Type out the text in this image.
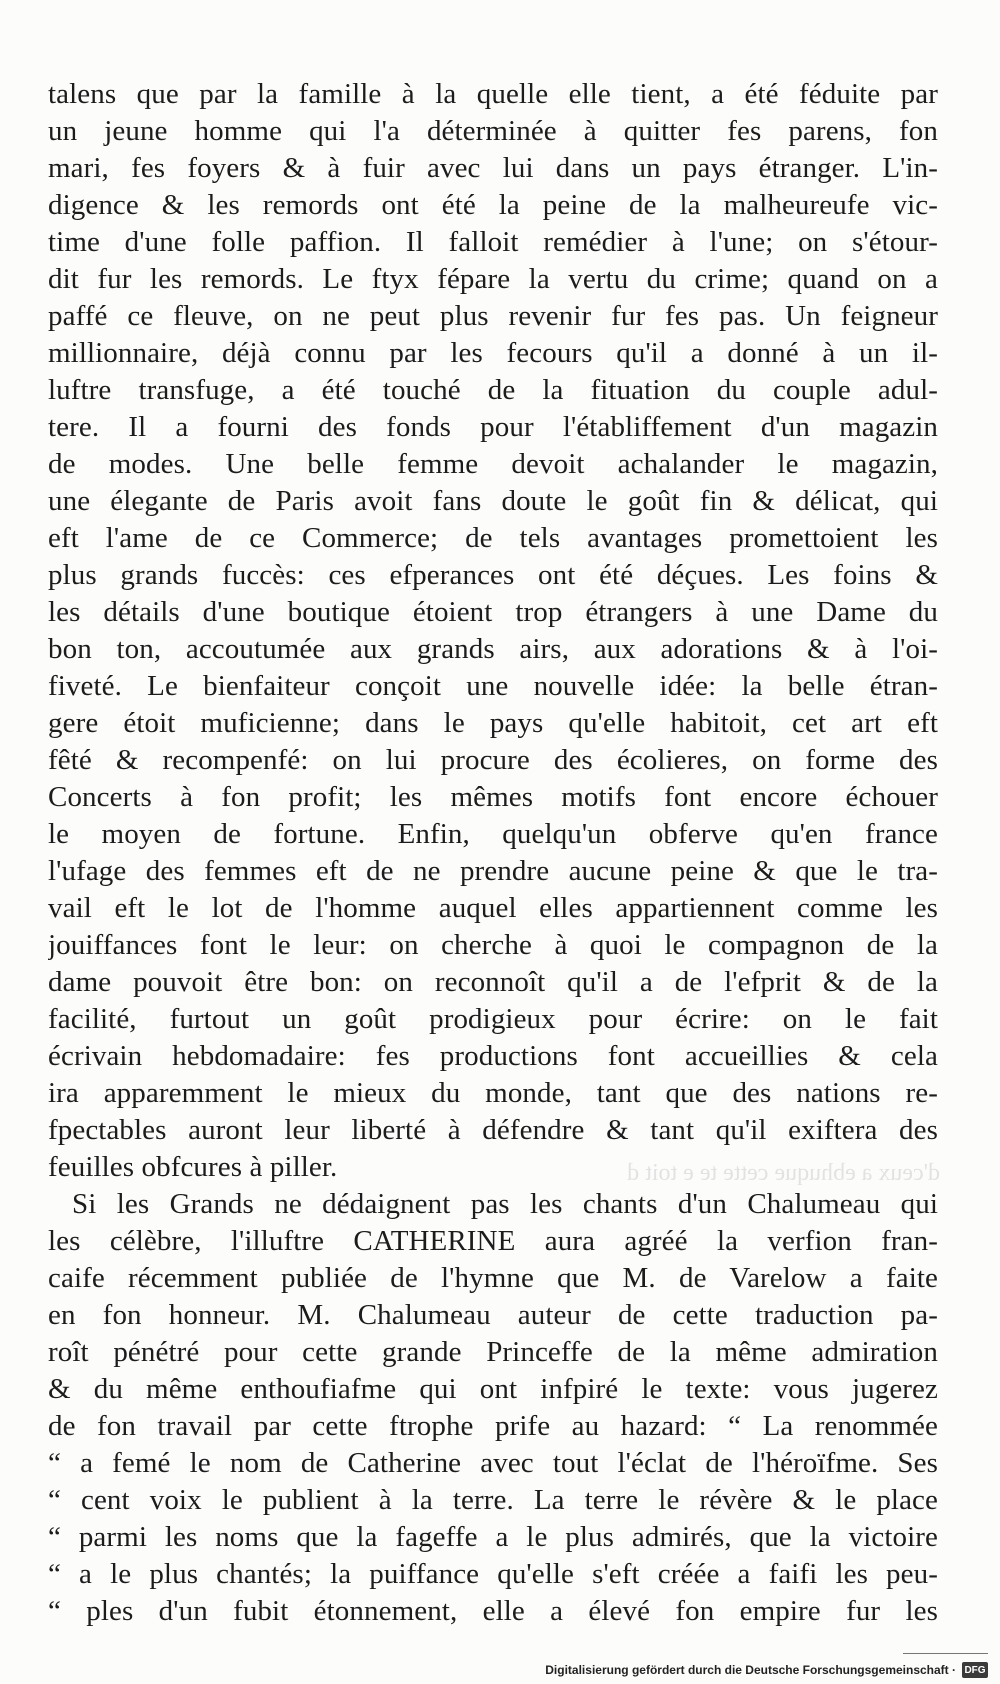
d'ceux a ebhuque cette te e toit d
talens que par la famille à la quelle elle tient, a été féduite par
un jeune homme qui l'a déterminée à quitter fes parens, fon
mari, fes foyers & à fuir avec lui dans un pays étranger. L'in-
digence & les remords ont été la peine de la malheureufe vic-
time d'une folle paffion. Il falloit remédier à l'une; on s'étour-
dit fur les remords. Le ftyx fépare la vertu du crime; quand on a
paffé ce fleuve, on ne peut plus revenir fur fes pas. Un feigneur
millionnaire, déjà connu par les fecours qu'il a donné à un il-
luftre transfuge, a été touché de la fituation du couple adul-
tere. Il a fourni des fonds pour l'établiffement d'un magazin
de modes. Une belle femme devoit achalander le magazin,
une élegante de Paris avoit fans doute le goût fin & délicat, qui
eft l'ame de ce Commerce; de tels avantages promettoient les
plus grands fuccès: ces efperances ont été déçues. Les foins &
les détails d'une boutique étoient trop étrangers à une Dame du
bon ton, accoutumée aux grands airs, aux adorations & à l'oi-
fiveté. Le bienfaiteur conçoit une nouvelle idée: la belle étran-
gere étoit muficienne; dans le pays qu'elle habitoit, cet art eft
fêté & recompenfé: on lui procure des écolieres, on forme des
Concerts à fon profit; les mêmes motifs font encore échouer
le moyen de fortune. Enfin, quelqu'un obferve qu'en france
l'ufage des femmes eft de ne prendre aucune peine & que le tra-
vail eft le lot de l'homme auquel elles appartiennent comme les
jouiffances font le leur: on cherche à quoi le compagnon de la
dame pouvoit être bon: on reconnoît qu'il a de l'efprit & de la
facilité, furtout un goût prodigieux pour écrire: on le fait
écrivain hebdomadaire: fes productions font accueillies & cela
ira apparemment le mieux du monde, tant que des nations re-
fpectables auront leur liberté à défendre & tant qu'il exiftera des
feuilles obfcures à piller.
Si les Grands ne dédaignent pas les chants d'un Chalumeau qui
les célèbre, l'illuftre CATHERINE aura agréé la verfion fran-
caife récemment publiée de l'hymne que M. de Varelow a faite
en fon honneur. M. Chalumeau auteur de cette traduction pa-
roît pénétré pour cette grande Princeffe de la même admiration
& du même enthoufiafme qui ont infpiré le texte: vous jugerez
de fon travail par cette ftrophe prife au hazard: “ La renommée
“ a femé le nom de Catherine avec tout l'éclat de l'héroïfme. Ses
“ cent voix le publient à la terre. La terre le révère & le place
“ parmi les noms que la fageffe a le plus admirés, que la victoire
“ a le plus chantés; la puiffance qu'elle s'eft créée a faifi les peu-
“ ples d'un fubit étonnement, elle a élevé fon empire fur les
Digitalisierung gefördert durch die Deutsche Forschungsgemeinschaft · DFG
